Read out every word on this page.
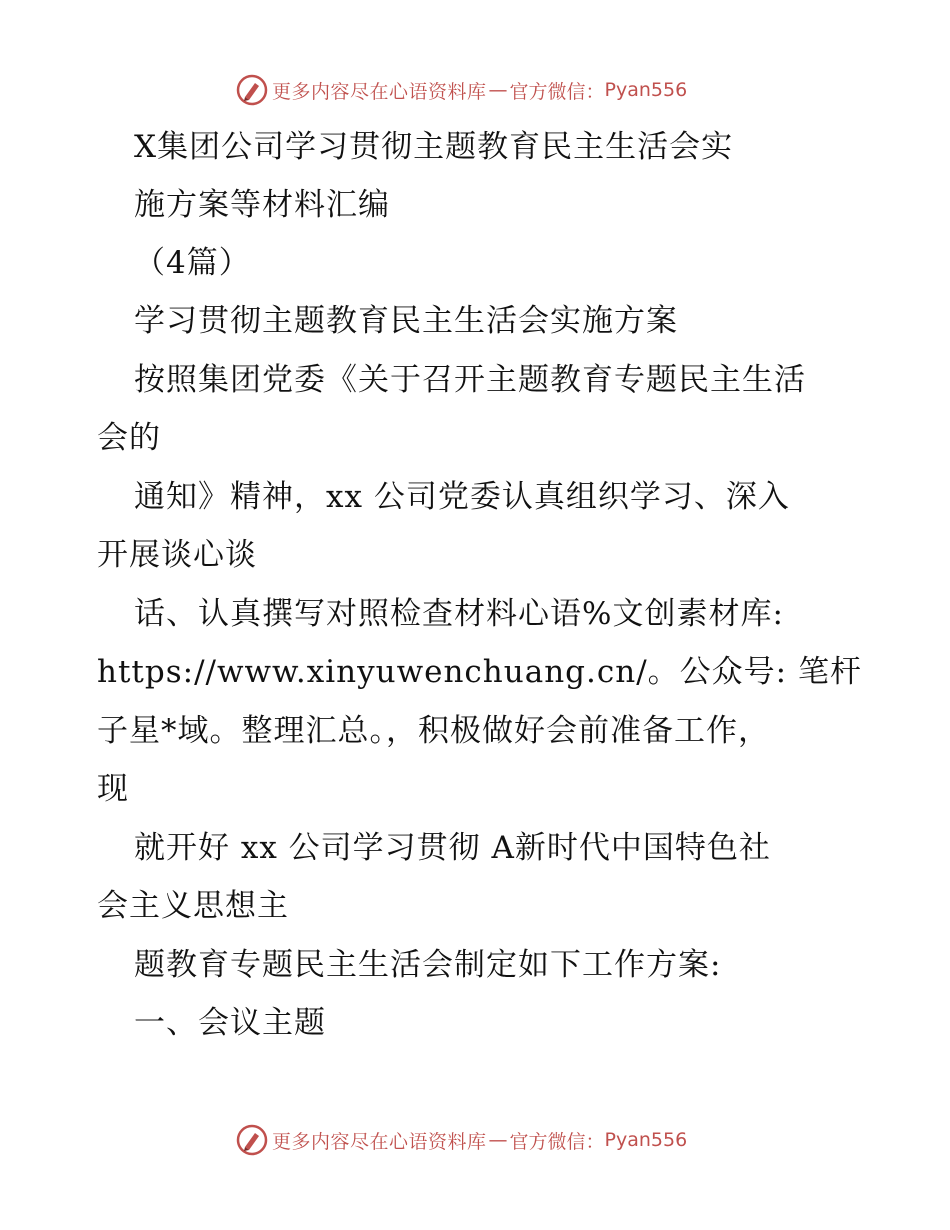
更多内容尽在心语资料库 — 官方微信： Pyan556
X集团公司学习贯彻主题教育民主生活会实
施方案等材料汇编
（4篇）
学习贯彻主题教育民主生活会实施方案
按照集团党委《关于召开主题教育专题民主生活
会的
通知》精神，xx 公司党委认真组织学习、深入
开展谈心谈
话、认真撰写对照检查材料心语%文创素材库:
https://www.xinyuwenchuang.cn/。公众号: 笔杆
子星*域。整理汇总。，积极做好会前准备工作，
现
就开好 xx 公司学习贯彻 A新时代中国特色社
会主义思想主
题教育专题民主生活会制定如下工作方案:
一、会议主题
更多内容尽在心语资料库 — 官方微信： Pyan556
